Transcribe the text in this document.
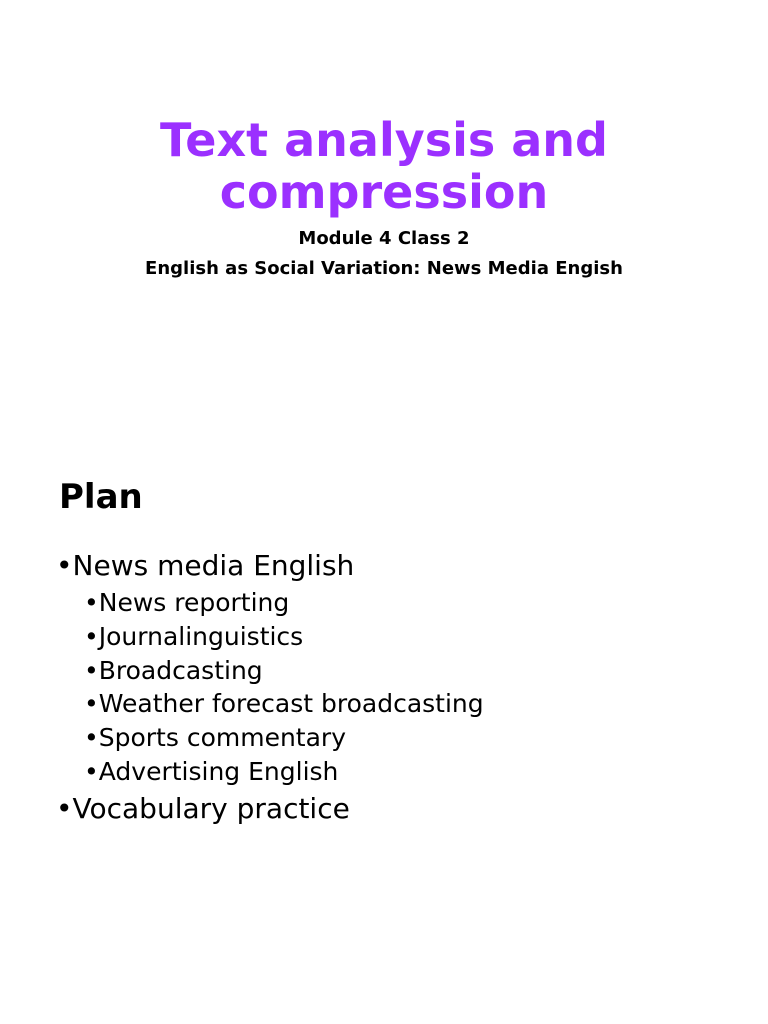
Text analysis and
compression

Module 4 Class 2

English as Social Variation: News Media Engish

Plan
•News media English
•News reporting
•Journalinguistics
•Broadcasting
•Weather forecast broadcasting
•Sports commentary
•Advertising English
•Vocabulary practice
